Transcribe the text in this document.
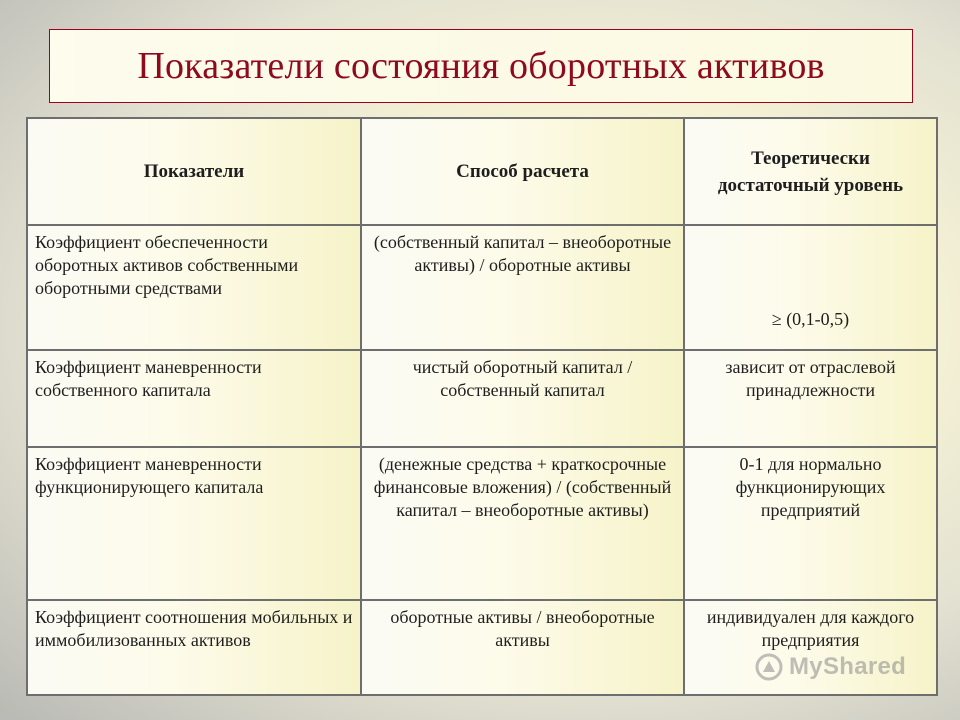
Показатели состояния оборотных активов
Показатели	Способ расчета	Теоретически достаточный уровень
Коэффициент обеспеченности оборотных активов собственными оборотными средствами	(собственный капитал – внеоборотные активы) / оборотные активы	≥ (0,1-0,5)
Коэффициент маневренности собственного капитала	чистый оборотный капитал / собственный капитал	зависит от отраслевой принадлежности
Коэффициент маневренности функционирующего капитала	(денежные средства + краткосрочные финансовые вложения) / (собственный капитал – внеоборотные активы)	0-1 для нормально функционирующих предприятий
Коэффициент соотношения мобильных и иммобилизованных активов	оборотные активы / внеоборотные активы	индивидуален для каждого предприятия
MyShared
